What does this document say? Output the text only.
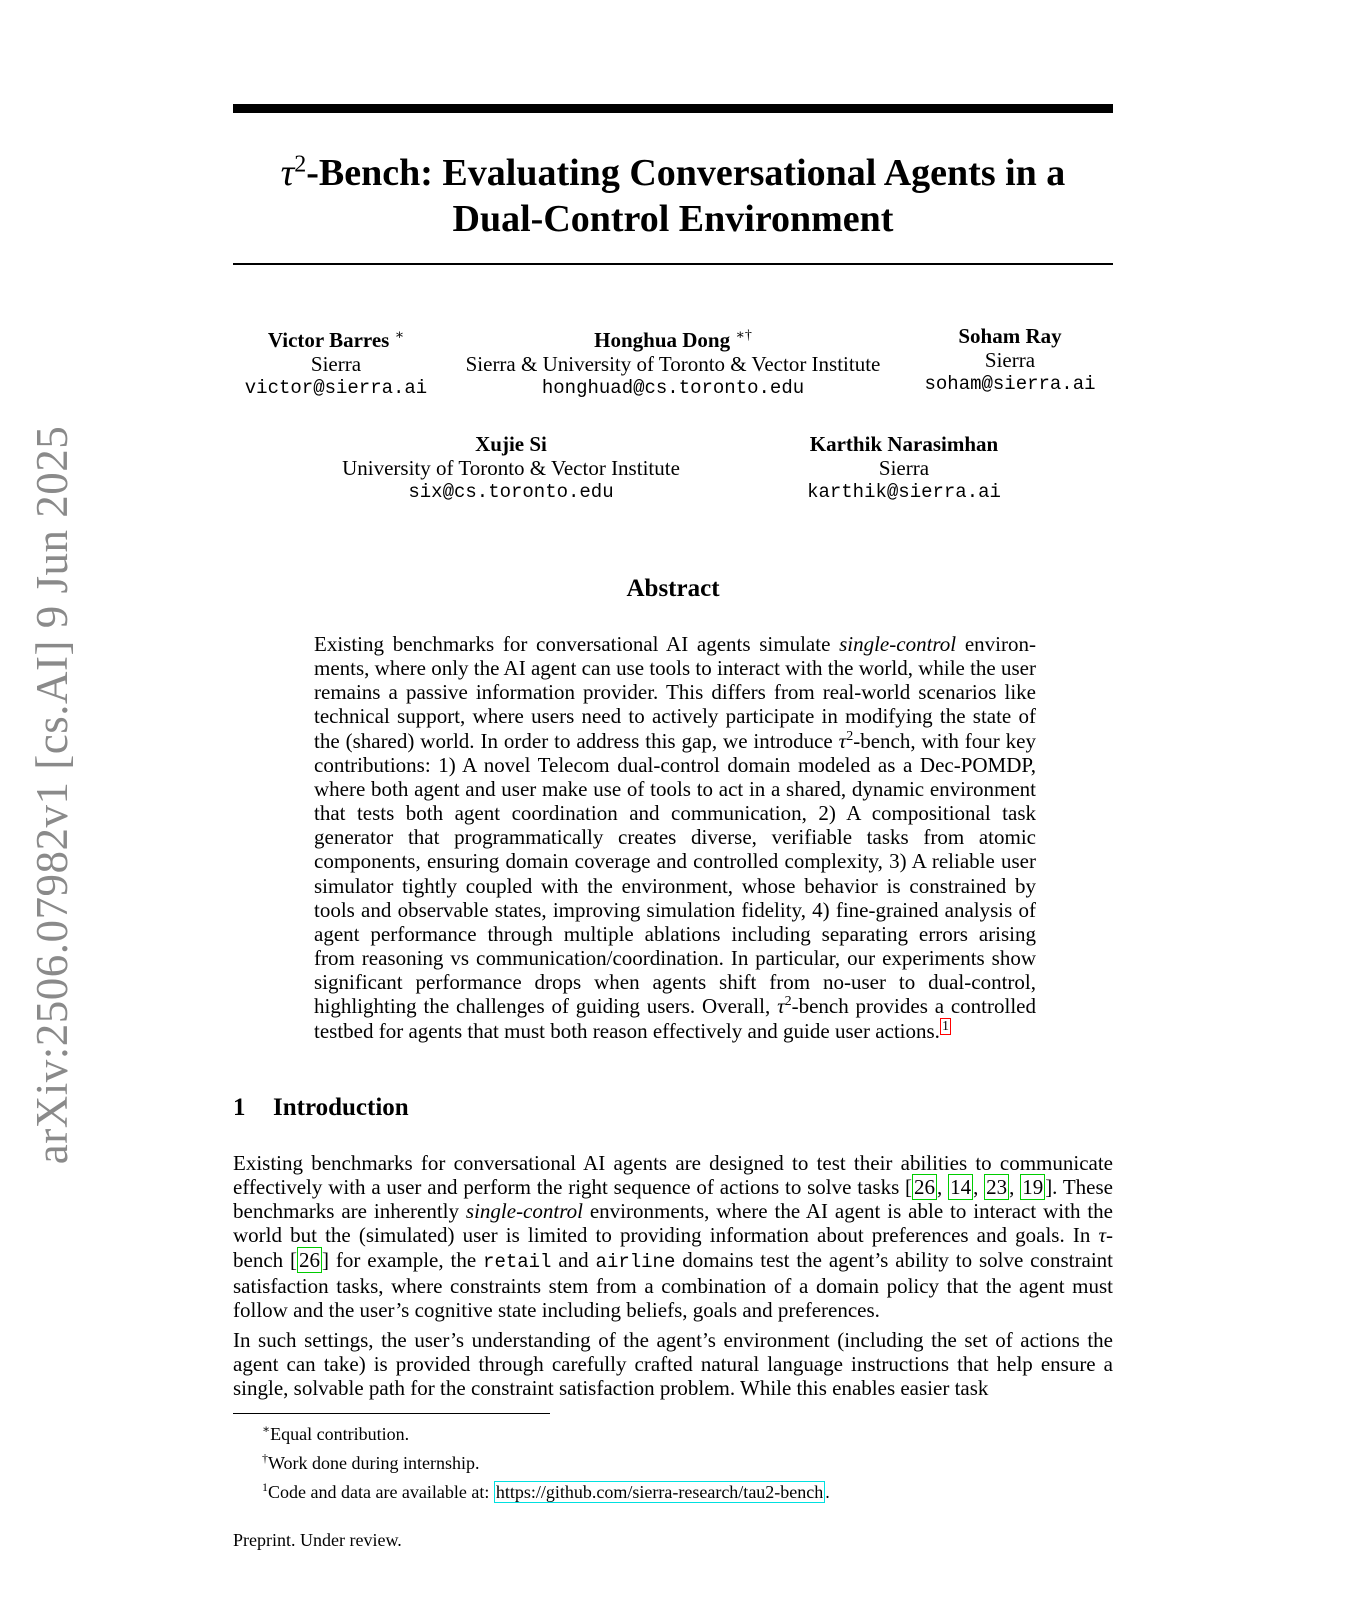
arXiv:2506.07982v1 [cs.AI] 9 Jun 2025
$\tau^2$-Bench: Evaluating Conversational Agents in a
Dual-Control Environment
Victor Barres ∗
Sierra
victor@sierra.ai
Honghua Dong ∗†
Sierra & University of Toronto & Vector Institute
honghuad@cs.toronto.edu
Soham Ray
Sierra
soham@sierra.ai
Xujie Si
University of Toronto & Vector Institute
six@cs.toronto.edu
Karthik Narasimhan
Sierra
karthik@sierra.ai
Abstract
Existing benchmarks for conversational AI agents simulate single-control environments, where only the AI agent can use tools to interact with the world, while the user remains a passive information provider. This differs from real-world scenarios like technical support, where users need to actively participate in modifying the state of the (shared) world. In order to address this gap, we introduce $\tau^2$-bench, with four key contributions: 1) A novel Telecom dual-control domain modeled as a Dec-POMDP, where both agent and user make use of tools to act in a shared, dynamic environment that tests both agent coordination and communication, 2) A compositional task generator that programmatically creates diverse, verifiable tasks from atomic components, ensuring domain coverage and controlled complexity, 3) A reliable user simulator tightly coupled with the environment, whose behavior is constrained by tools and observable states, improving simulation fidelity, 4) fine-grained analysis of agent performance through multiple ablations including separating errors arising from reasoning vs communication/coordination. In particular, our experiments show significant performance drops when agents shift from no-user to dual-control, highlighting the challenges of guiding users. Overall, $\tau^2$-bench provides a controlled testbed for agents that must both reason effectively and guide user actions. $^1$
1 Introduction

Existing benchmarks for conversational AI agents are designed to test their abilities to communicate effectively with a user and perform the right sequence of actions to solve tasks [26, 14, 23, 19]. These benchmarks are inherently single-control environments, where the AI agent is able to interact with the world but the (simulated) user is limited to providing information about preferences and goals. In τ-bench [26] for example, the retail and airline domains test the agent’s ability to solve constraint satisfaction tasks, where constraints stem from a combination of a domain policy that the agent must follow and the user’s cognitive state including beliefs, goals and preferences.

In such settings, the user’s understanding of the agent’s environment (including the set of actions the agent can take) is provided through carefully crafted natural language instructions that help ensure a single, solvable path for the constraint satisfaction problem. While this enables easier task

∗Equal contribution.
†Work done during internship.
$^1$Code and data are available at: https://github.com/sierra-research/tau2-bench .
Preprint. Under review.
